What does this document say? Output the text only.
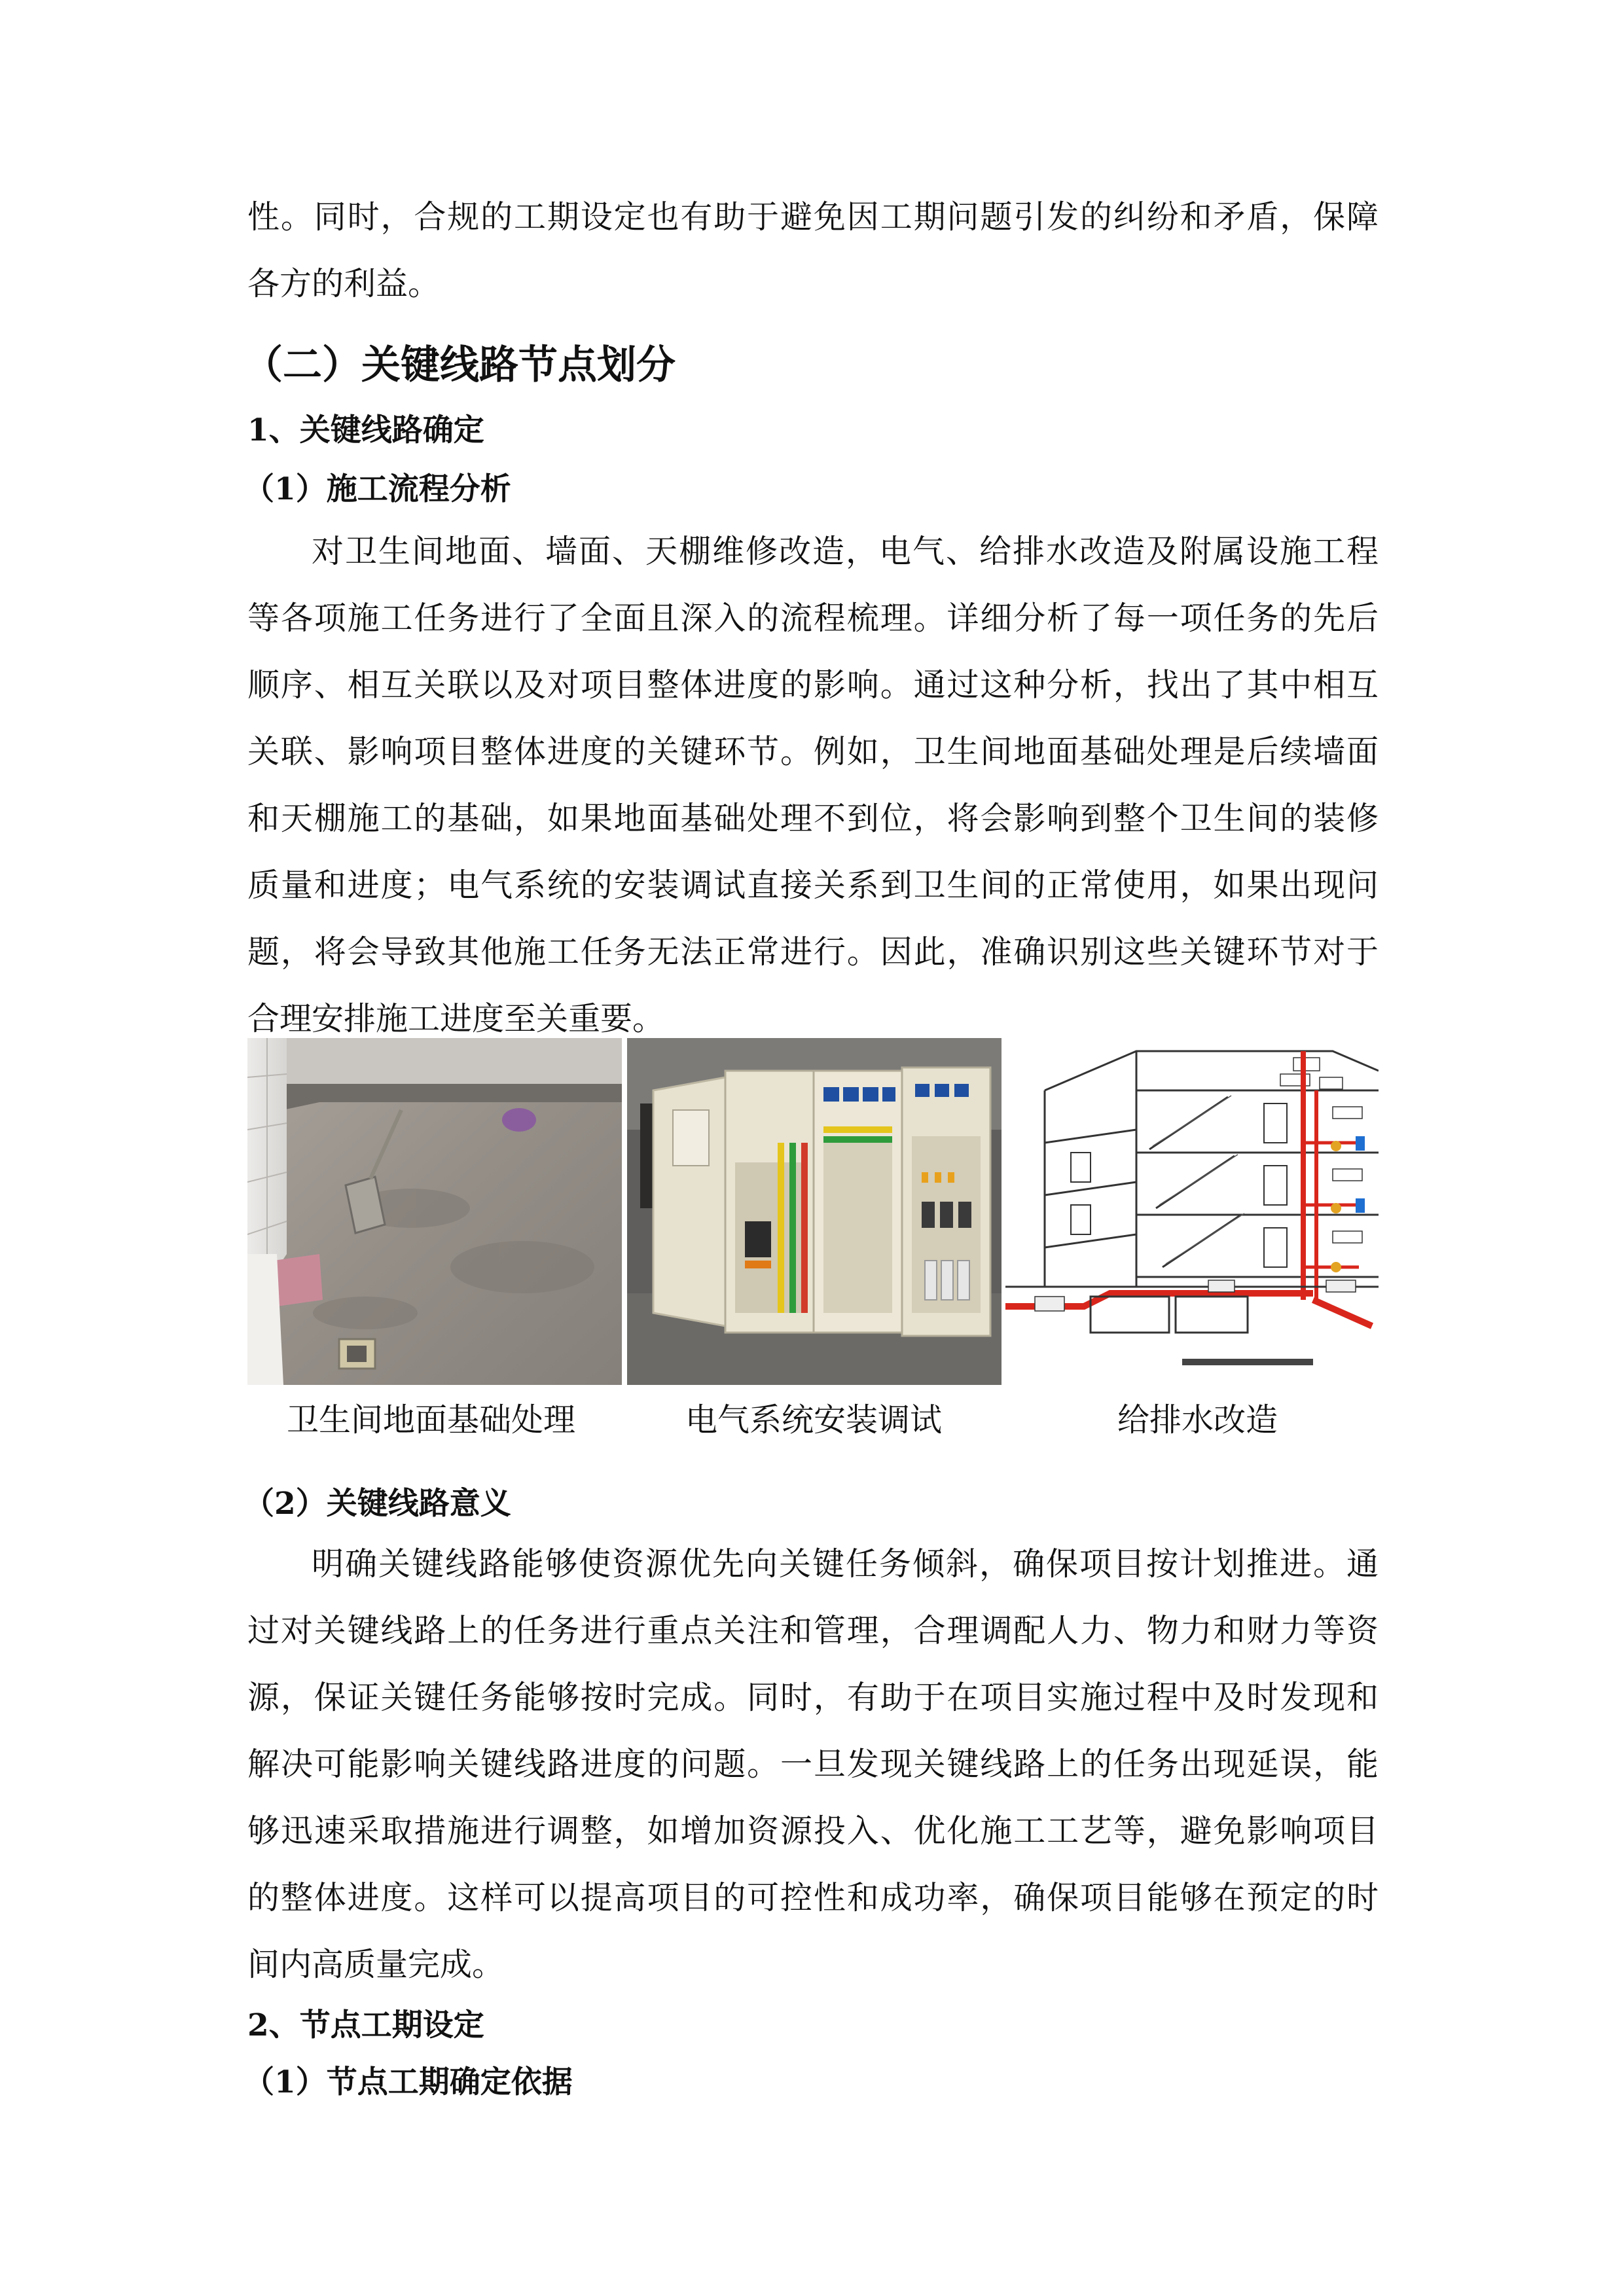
性。同时，合规的工期设定也有助于避免因工期问题引发的纠纷和矛盾，保障
各方的利益。
（二）关键线路节点划分
1、关键线路确定
（1）施工流程分析
对卫生间地面、墙面、天棚维修改造，电气、给排水改造及附属设施工程
等各项施工任务进行了全面且深入的流程梳理。详细分析了每一项任务的先后
顺序、相互关联以及对项目整体进度的影响。通过这种分析，找出了其中相互
关联、影响项目整体进度的关键环节。例如，卫生间地面基础处理是后续墙面
和天棚施工的基础，如果地面基础处理不到位，将会影响到整个卫生间的装修
质量和进度；电气系统的安装调试直接关系到卫生间的正常使用，如果出现问
题，将会导致其他施工任务无法正常进行。因此，准确识别这些关键环节对于
合理安排施工进度至关重要。
卫生间地面基础处理	电气系统安装调试	给排水改造
（2）关键线路意义
明确关键线路能够使资源优先向关键任务倾斜，确保项目按计划推进。通
过对关键线路上的任务进行重点关注和管理，合理调配人力、物力和财力等资
源，保证关键任务能够按时完成。同时，有助于在项目实施过程中及时发现和
解决可能影响关键线路进度的问题。一旦发现关键线路上的任务出现延误，能
够迅速采取措施进行调整，如增加资源投入、优化施工工艺等，避免影响项目
的整体进度。这样可以提高项目的可控性和成功率，确保项目能够在预定的时
间内高质量完成。
2、节点工期设定
（1）节点工期确定依据
